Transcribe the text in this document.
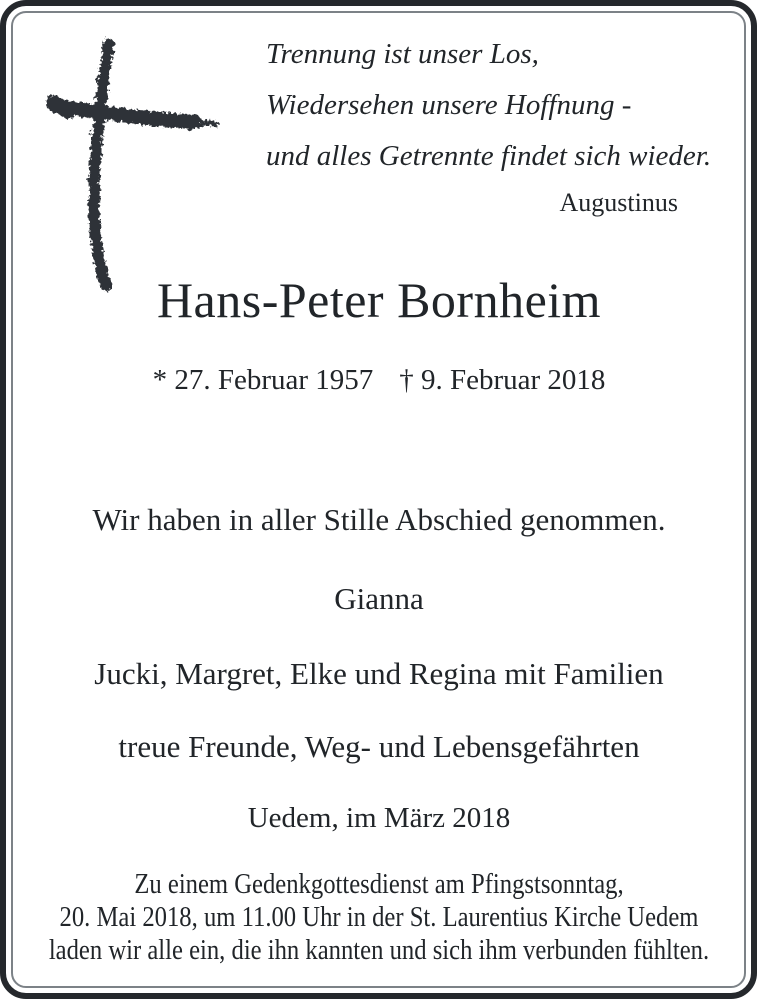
Trennung ist unser Los,
Wiedersehen unsere Hoffnung -
und alles Getrennte findet sich wieder.
Augustinus
Hans-Peter Bornheim
* 27. Februar 1957 † 9. Februar 2018
Wir haben in aller Stille Abschied genommen.
Gianna
Jucki, Margret, Elke und Regina mit Familien
treue Freunde, Weg- und Lebensgefährten
Uedem, im März 2018
Zu einem Gedenkgottesdienst am Pfingstsonntag,
20. Mai 2018, um 11.00 Uhr in der St. Laurentius Kirche Uedem
laden wir alle ein, die ihn kannten und sich ihm verbunden fühlten.
